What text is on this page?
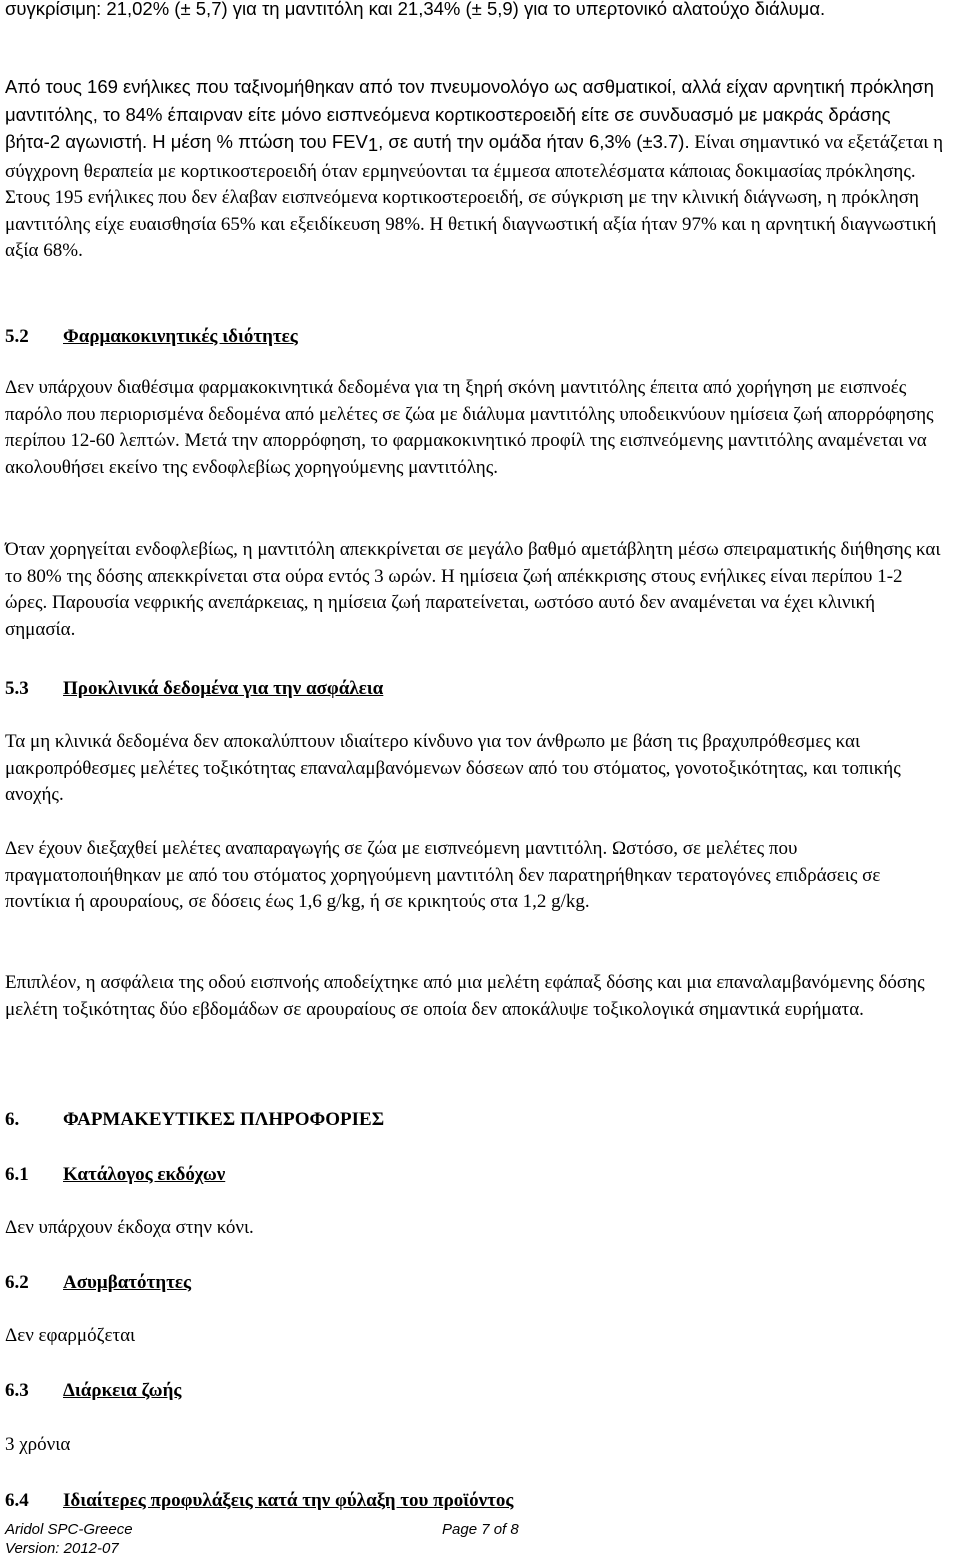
συγκρίσιμη: 21,02% (± 5,7) για τη μαντιτόλη και 21,34% (± 5,9) για το υπερτονικό αλατούχο διάλυμα.
Από τους 169 ενήλικες που ταξινομήθηκαν από τον πνευμονολόγο ως ασθματικοί, αλλά είχαν αρνητική πρόκληση μαντιτόλης, το 84% έπαιρναν είτε μόνο εισπνεόμενα κορτικοστεροειδή είτε σε συνδυασμό με μακράς δράσης βήτα-2 αγωνιστή. Η μέση % πτώση του $FEV_1$, σε αυτή την ομάδα ήταν 6,3% (±3.7). Είναι σημαντικό να εξετάζεται η σύγχρονη θεραπεία με κορτικοστεροειδή όταν ερμηνεύονται τα έμμεσα αποτελέσματα κάποιας δοκιμασίας πρόκλησης. Στους 195 ενήλικες που δεν έλαβαν εισπνεόμενα κορτικοστεροειδή, σε σύγκριση με την κλινική διάγνωση, η πρόκληση μαντιτόλης είχε ευαισθησία 65% και εξειδίκευση 98%. Η θετική διαγνωστική αξία ήταν 97% και η αρνητική διαγνωστική αξία 68%.
5.2 Φαρμακοκινητικές ιδιότητες
Δεν υπάρχουν διαθέσιμα φαρμακοκινητικά δεδομένα για τη ξηρή σκόνη μαντιτόλης έπειτα από χορήγηση με εισπνοές παρόλο που περιορισμένα δεδομένα από μελέτες σε ζώα με διάλυμα μαντιτόλης υποδεικνύουν ημίσεια ζωή απορρόφησης περίπου 12-60 λεπτών. Μετά την απορρόφηση, το φαρμακοκινητικό προφίλ της εισπνεόμενης μαντιτόλης αναμένεται να ακολουθήσει εκείνο της ενδοφλεβίως χορηγούμενης μαντιτόλης.
Όταν χορηγείται ενδοφλεβίως, η μαντιτόλη απεκκρίνεται σε μεγάλο βαθμό αμετάβλητη μέσω σπειραματικής διήθησης και το 80% της δόσης απεκκρίνεται στα ούρα εντός 3 ωρών. Η ημίσεια ζωή απέκκρισης στους ενήλικες είναι περίπου 1-2 ώρες. Παρουσία νεφρικής ανεπάρκειας, η ημίσεια ζωή παρατείνεται, ωστόσο αυτό δεν αναμένεται να έχει κλινική σημασία.
5.3 Προκλινικά δεδομένα για την ασφάλεια
Τα μη κλινικά δεδομένα δεν αποκαλύπτουν ιδιαίτερο κίνδυνο για τον άνθρωπο με βάση τις βραχυπρόθεσμες και μακροπρόθεσμες μελέτες τοξικότητας επαναλαμβανόμενων δόσεων από του στόματος, γονοτοξικότητας, και τοπικής ανοχής.
Δεν έχουν διεξαχθεί μελέτες αναπαραγωγής σε ζώα με εισπνεόμενη μαντιτόλη. Ωστόσο, σε μελέτες που πραγματοποιήθηκαν με από του στόματος χορηγούμενη μαντιτόλη δεν παρατηρήθηκαν τερατογόνες επιδράσεις σε ποντίκια ή αρουραίους, σε δόσεις έως 1,6 g/kg, ή σε κρικητούς στα 1,2 g/kg.
Επιπλέον, η ασφάλεια της οδού εισπνοής αποδείχτηκε από μια μελέτη εφάπαξ δόσης και μια επαναλαμβανόμενης δόσης μελέτη τοξικότητας δύο εβδομάδων σε αρουραίους σε οποία δεν αποκάλυψε τοξικολογικά σημαντικά ευρήματα.
6. ΦΑΡΜΑΚΕΥΤΙΚΕΣ ΠΛΗΡΟΦΟΡΙΕΣ
6.1 Κατάλογος εκδόχων
Δεν υπάρχουν έκδοχα στην κόνι.
6.2 Ασυμβατότητες
Δεν εφαρμόζεται
6.3 Διάρκεια ζωής
3 χρόνια
6.4 Ιδιαίτερες προφυλάξεις κατά την φύλαξη του προϊόντος
Aridol SPC-Greece	Page 7 of 8
Version: 2012-07
